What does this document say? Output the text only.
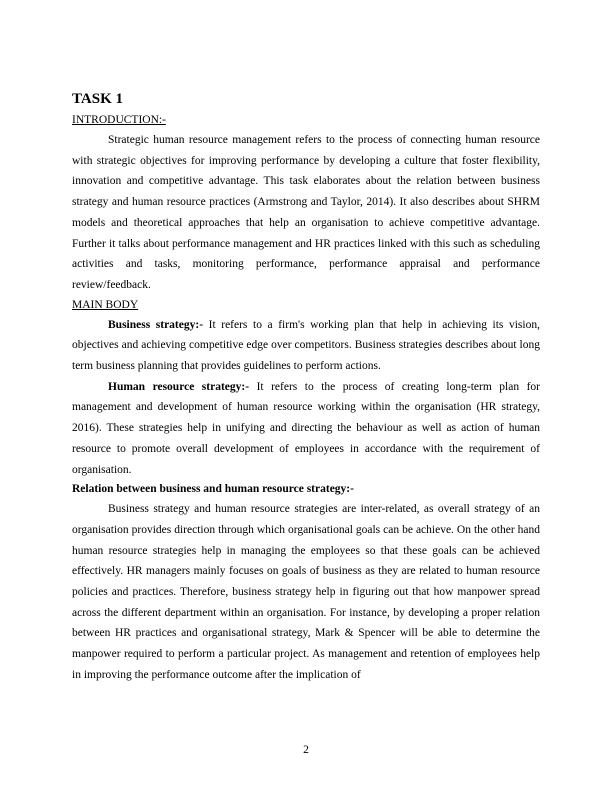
TASK 1
INTRODUCTION:-

Strategic human resource management refers to the process of connecting human resource with strategic objectives for improving performance by developing a culture that foster flexibility, innovation and competitive advantage. This task elaborates about the relation between business strategy and human resource practices (Armstrong and Taylor, 2014). It also describes about SHRM models and theoretical approaches that help an organisation to achieve competitive advantage. Further it talks about performance management and HR practices linked with this such as scheduling activities and tasks, monitoring performance, performance appraisal and performance review/feedback.

MAIN BODY

Business strategy:- It refers to a firm's working plan that help in achieving its vision, objectives and achieving competitive edge over competitors. Business strategies describes about long term business planning that provides guidelines to perform actions.

Human resource strategy:- It refers to the process of creating long-term plan for management and development of human resource working within the organisation (HR strategy, 2016). These strategies help in unifying and directing the behaviour as well as action of human resource to promote overall development of employees in accordance with the requirement of organisation.

Relation between business and human resource strategy:-

Business strategy and human resource strategies are inter-related, as overall strategy of an organisation provides direction through which organisational goals can be achieve. On the other hand human resource strategies help in managing the employees so that these goals can be achieved effectively. HR managers mainly focuses on goals of business as they are related to human resource policies and practices. Therefore, business strategy help in figuring out that how manpower spread across the different department within an organisation. For instance, by developing a proper relation between HR practices and organisational strategy, Mark & Spencer will be able to determine the manpower required to perform a particular project. As management and retention of employees help in improving the performance outcome after the implication of

2
